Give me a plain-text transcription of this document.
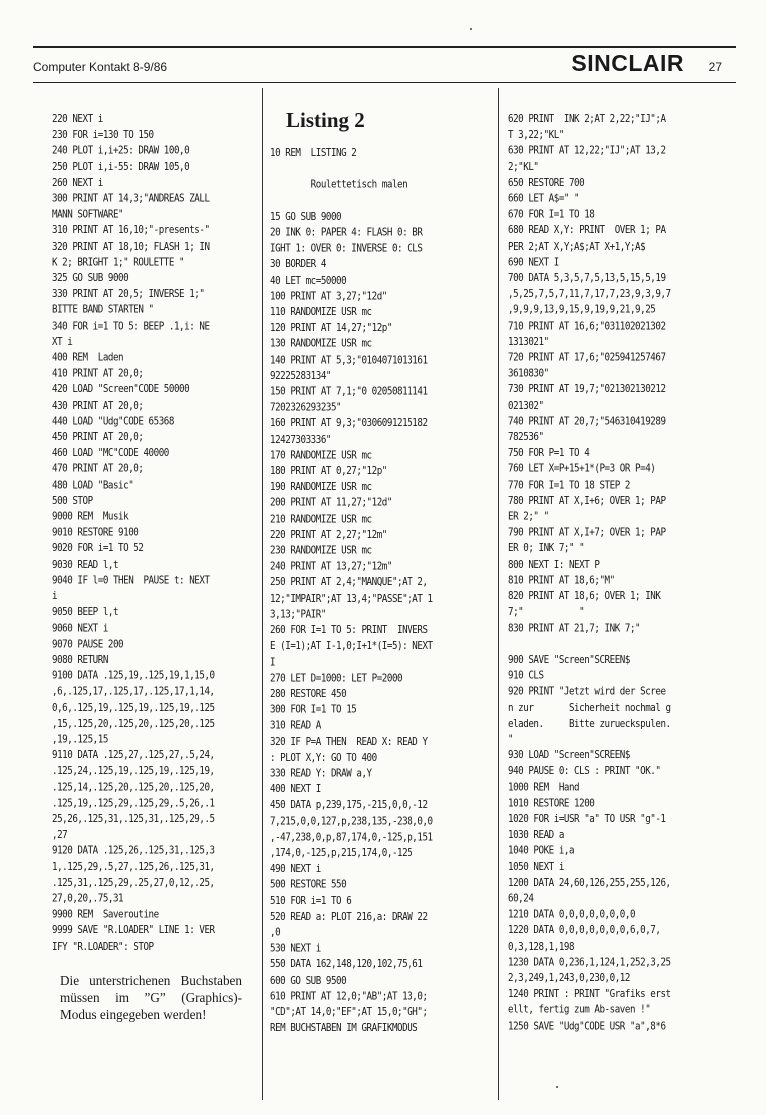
Computer Kontakt 8-9/86	SINCLAIR 27
220 NEXT i
230 FOR i=130 TO 150
240 PLOT i,i+25: DRAW 100,0
250 PLOT i,i-55: DRAW 105,0
260 NEXT i
300 PRINT AT 14,3;"ANDREAS ZALL
MANN SOFTWARE"
310 PRINT AT 16,10;"-presents-"
320 PRINT AT 18,10; FLASH 1; IN
K 2; BRIGHT 1;" ROULETTE "
325 GO SUB 9000
330 PRINT AT 20,5; INVERSE 1;"
BITTE BAND STARTEN "
340 FOR i=1 TO 5: BEEP .1,i: NE
XT i
400 REM  Laden
410 PRINT AT 20,0;
420 LOAD "Screen"CODE 50000
430 PRINT AT 20,0;
440 LOAD "Udg"CODE 65368
450 PRINT AT 20,0;
460 LOAD "MC"CODE 40000
470 PRINT AT 20,0;
480 LOAD "Basic"
500 STOP
9000 REM  Musik
9010 RESTORE 9100
9020 FOR i=1 TO 52
9030 READ l,t
9040 IF l=0 THEN  PAUSE t: NEXT
i
9050 BEEP l,t
9060 NEXT i
9070 PAUSE 200
9080 RETURN
9100 DATA .125,19,.125,19,1,15,0
,6,.125,17,.125,17,.125,17,1,14,
0,6,.125,19,.125,19,.125,19,.125
,15,.125,20,.125,20,.125,20,.125
,19,.125,15
9110 DATA .125,27,.125,27,.5,24,
.125,24,.125,19,.125,19,.125,19,
.125,14,.125,20,.125,20,.125,20,
.125,19,.125,29,.125,29,.5,26,.1
25,26,.125,31,.125,31,.125,29,.5
,27
9120 DATA .125,26,.125,31,.125,3
1,.125,29,.5,27,.125,26,.125,31,
.125,31,.125,29,.25,27,0,12,.25,
27,0,20,.75,31
9900 REM  Saveroutine
9999 SAVE "R.LOADER" LINE 1: VER
IFY "R.LOADER": STOP
Listing 2
10 REM  LISTING 2

Roulettetisch malen

15 GO SUB 9000
20 INK 0: PAPER 4: FLASH 0: BR
IGHT 1: OVER 0: INVERSE 0: CLS
30 BORDER 4
40 LET mc=50000
100 PRINT AT 3,27;"12d"
110 RANDOMIZE USR mc
120 PRINT AT 14,27;"12p"
130 RANDOMIZE USR mc
140 PRINT AT 5,3;"0104071013161
92225283134"
150 PRINT AT 7,1;"0 02050811141
7202326293235"
160 PRINT AT 9,3;"0306091215182
12427303336"
170 RANDOMIZE USR mc
180 PRINT AT 0,27;"12p"
190 RANDOMIZE USR mc
200 PRINT AT 11,27;"12d"
210 RANDOMIZE USR mc
220 PRINT AT 2,27;"12m"
230 RANDOMIZE USR mc
240 PRINT AT 13,27;"12m"
250 PRINT AT 2,4;"MANQUE";AT 2,
12;"IMPAIR";AT 13,4;"PASSE";AT 1
3,13;"PAIR"
260 FOR I=1 TO 5: PRINT  INVERS
E (I=1);AT I-1,0;I+1*(I=5): NEXT
I
270 LET D=1000: LET P=2000
280 RESTORE 450
300 FOR I=1 TO 15
310 READ A
320 IF P=A THEN  READ X: READ Y
: PLOT X,Y: GO TO 400
330 READ Y: DRAW a,Y
400 NEXT I
450 DATA p,239,175,-215,0,0,-12
7,215,0,0,127,p,238,135,-238,0,0
,-47,238,0,p,87,174,0,-125,p,151
,174,0,-125,p,215,174,0,-125
490 NEXT i
500 RESTORE 550
510 FOR i=1 TO 6
520 READ a: PLOT 216,a: DRAW 22
,0
530 NEXT i
550 DATA 162,148,120,102,75,61
600 GO SUB 9500
610 PRINT AT 12,0;"AB";AT 13,0;
"CD";AT 14,0;"EF";AT 15,0;"GH";
REM BUCHSTABEN IM GRAFIKMODUS
620 PRINT  INK 2;AT 2,22;"IJ";A
T 3,22;"KL"
630 PRINT AT 12,22;"IJ";AT 13,2
2;"KL"
650 RESTORE 700
660 LET A$=" "
670 FOR I=1 TO 18
680 READ X,Y: PRINT  OVER 1; PA
PER 2;AT X,Y;A$;AT X+1,Y;A$
690 NEXT I
700 DATA 5,3,5,7,5,13,5,15,5,19
,5,25,7,5,7,11,7,17,7,23,9,3,9,7
,9,9,9,13,9,15,9,19,9,21,9,25
710 PRINT AT 16,6;"031102021302
1313021"
720 PRINT AT 17,6;"025941257467
3610830"
730 PRINT AT 19,7;"021302130212
021302"
740 PRINT AT 20,7;"546310419289
782536"
750 FOR P=1 TO 4
760 LET X=P+15+1*(P=3 OR P=4)
770 FOR I=1 TO 18 STEP 2
780 PRINT AT X,I+6; OVER 1; PAP
ER 2;" "
790 PRINT AT X,I+7; OVER 1; PAP
ER 0; INK 7;" "
800 NEXT I: NEXT P
810 PRINT AT 18,6;"M"
820 PRINT AT 18,6; OVER 1; INK
7;"           "
830 PRINT AT 21,7; INK 7;"

900 SAVE "Screen"SCREEN$
910 CLS
920 PRINT "Jetzt wird der Scree
n zur       Sicherheit nochmal g
eladen.     Bitte zurueckspulen.
"
930 LOAD "Screen"SCREEN$
940 PAUSE 0: CLS : PRINT "OK."
1000 REM  Hand
1010 RESTORE 1200
1020 FOR i=USR "a" TO USR "g"-1
1030 READ a
1040 POKE i,a
1050 NEXT i
1200 DATA 24,60,126,255,255,126,
60,24
1210 DATA 0,0,0,0,0,0,0,0
1220 DATA 0,0,0,0,0,0,0,6,0,7,
0,3,128,1,198
1230 DATA 0,236,1,124,1,252,3,25
2,3,249,1,243,0,230,0,12
1240 PRINT : PRINT "Grafiks erst
ellt, fertig zum Ab-saven !"
1250 SAVE "Udg"CODE USR "a",8*6
Die unterstrichenen Buchstaben müssen im ”G” (Graphics)-Modus eingegeben werden!
